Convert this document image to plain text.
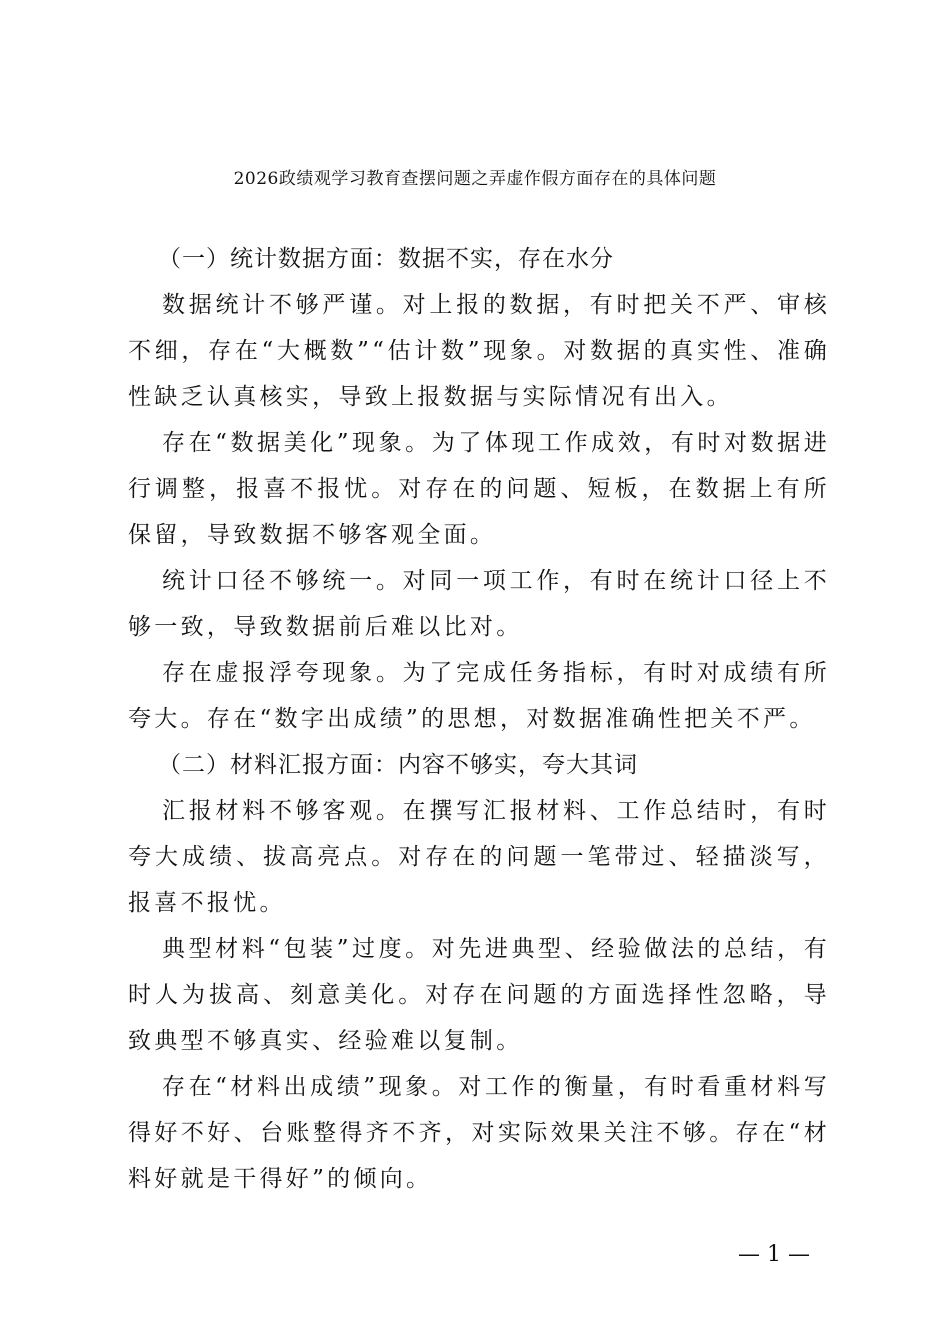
2026政绩观学习教育查摆问题之弄虚作假方面存在的具体问题

（一）统计数据方面：数据不实，存在水分

数据统计不够严谨。对上报的数据，有时把关不严、审核不细，存在“大概数”“估计数”现象。对数据的真实性、准确性缺乏认真核实，导致上报数据与实际情况有出入。

存在“数据美化”现象。为了体现工作成效，有时对数据进行调整，报喜不报忧。对存在的问题、短板，在数据上有所保留，导致数据不够客观全面。

统计口径不够统一。对同一项工作，有时在统计口径上不够一致，导致数据前后难以比对。

存在虚报浮夸现象。为了完成任务指标，有时对成绩有所夸大。存在“数字出成绩”的思想，对数据准确性把关不严。

（二）材料汇报方面：内容不够实，夸大其词

汇报材料不够客观。在撰写汇报材料、工作总结时，有时夸大成绩、拔高亮点。对存在的问题一笔带过、轻描淡写，报喜不报忧。

典型材料“包装”过度。对先进典型、经验做法的总结，有时人为拔高、刻意美化。对存在问题的方面选择性忽略，导致典型不够真实、经验难以复制。

存在“材料出成绩”现象。对工作的衡量，有时看重材料写得好不好、台账整得齐不齐，对实际效果关注不够。存在“材料好就是干得好”的倾向。

— 1 —
